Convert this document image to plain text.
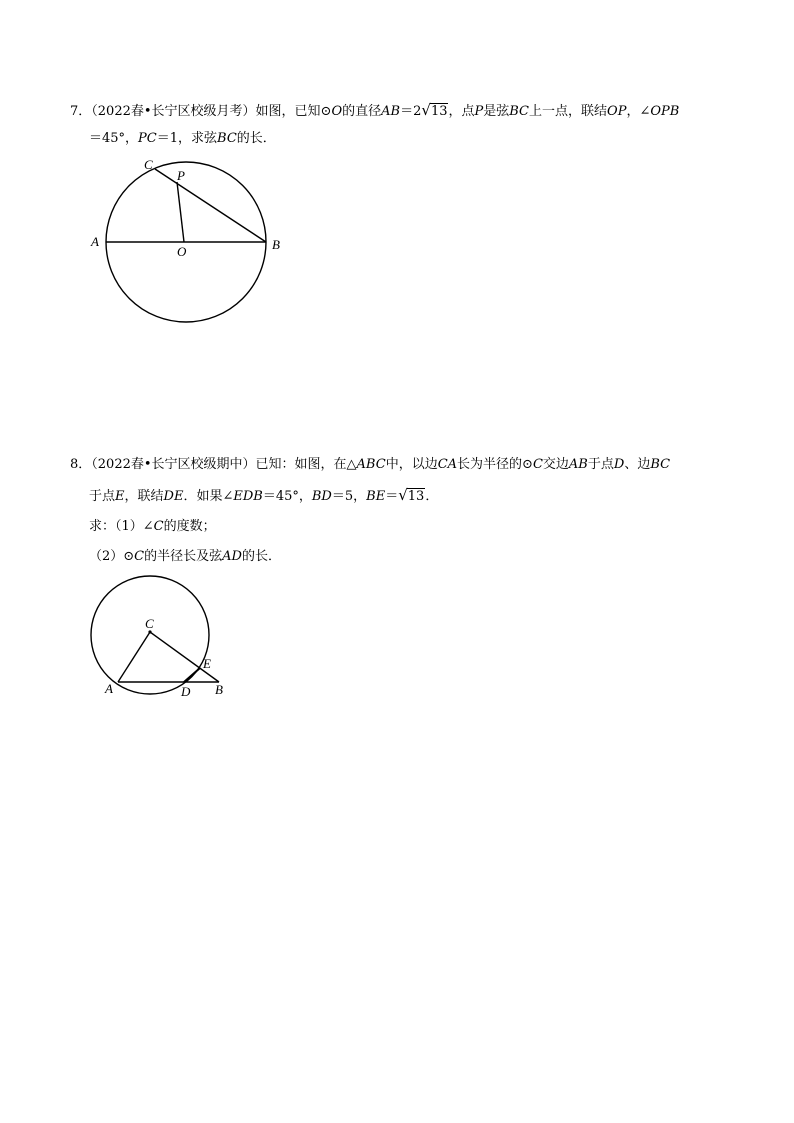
7．（2022春•长宁区校级月考）如图，已知⊙O的直径AB＝2√13，点P是弦BC上一点，联结OP，∠OPB
＝45°，PC＝1，求弦BC的长．
C
P
A	B
O
8．（2022春•长宁区校级期中）已知：如图，在△ABC中，以边CA长为半径的⊙C交边AB于点D、边BC
于点E，联结DE．如果∠EDB＝45°，BD＝5，BE＝√13．
求：（1）∠C的度数；
（2）⊙C的半径长及弦AD的长．
C
E
A	D B
